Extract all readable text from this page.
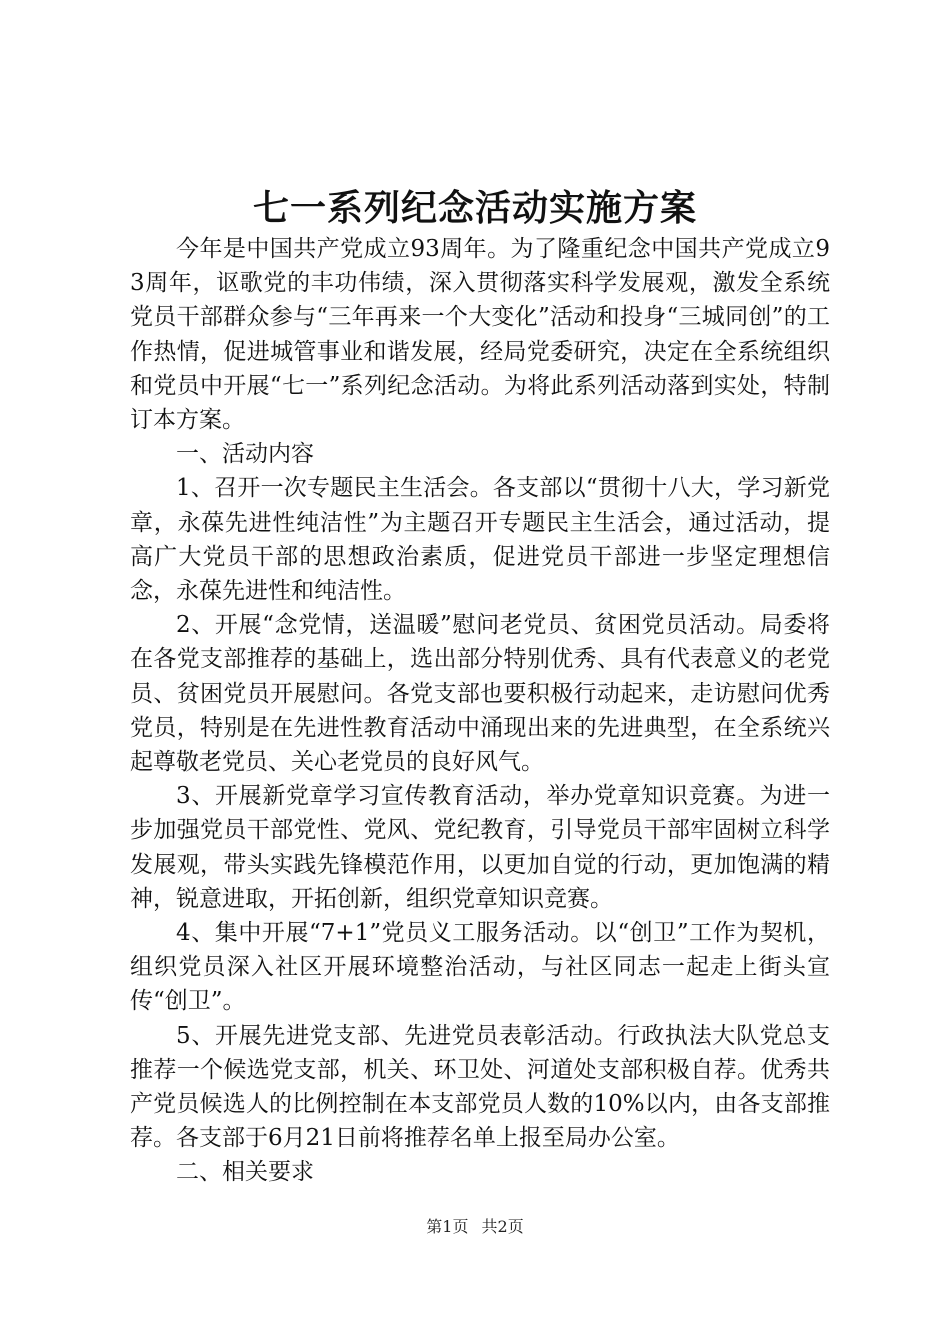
七一系列纪念活动实施方案

今年是中国共产党成立93周年。为了隆重纪念中国共产党成立93周年，讴歌党的丰功伟绩，深入贯彻落实科学发展观，激发全系统党员干部群众参与“三年再来一个大变化”活动和投身“三城同创”的工作热情，促进城管事业和谐发展，经局党委研究，决定在全系统组织和党员中开展“七一”系列纪念活动。为将此系列活动落到实处，特制订本方案。

一、活动内容

1、召开一次专题民主生活会。各支部以“贯彻十八大，学习新党章，永葆先进性纯洁性”为主题召开专题民主生活会，通过活动，提高广大党员干部的思想政治素质，促进党员干部进一步坚定理想信念，永葆先进性和纯洁性。

2、开展“念党情，送温暖”慰问老党员、贫困党员活动。局委将在各党支部推荐的基础上，选出部分特别优秀、具有代表意义的老党员、贫困党员开展慰问。各党支部也要积极行动起来，走访慰问优秀党员，特别是在先进性教育活动中涌现出来的先进典型，在全系统兴起尊敬老党员、关心老党员的良好风气。

3、开展新党章学习宣传教育活动，举办党章知识竞赛。为进一步加强党员干部党性、党风、党纪教育，引导党员干部牢固树立科学发展观，带头实践先锋模范作用，以更加自觉的行动，更加饱满的精神，锐意进取，开拓创新，组织党章知识竞赛。

4、集中开展“7+1”党员义工服务活动。以“创卫”工作为契机，组织党员深入社区开展环境整治活动，与社区同志一起走上街头宣传“创卫”。

5、开展先进党支部、先进党员表彰活动。行政执法大队党总支推荐一个候选党支部，机关、环卫处、河道处支部积极自荐。优秀共产党员候选人的比例控制在本支部党员人数的10%以内，由各支部推荐。各支部于6月21日前将推荐名单上报至局办公室。

二、相关要求

第1页 共2页
